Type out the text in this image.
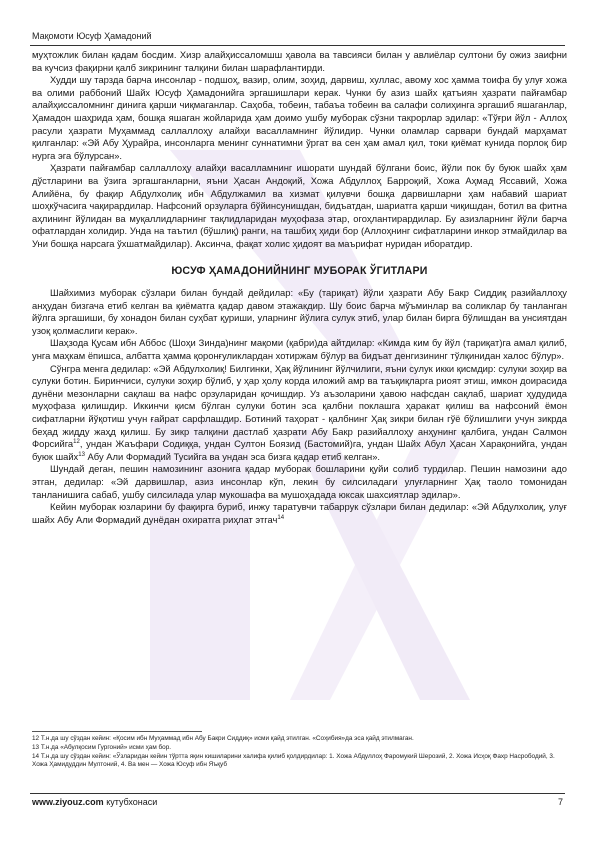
Мақомоти Юсуф Ҳамадоний

муҳтожлик билан қадам босдим. Хизр алайҳиссаломшш ҳавола ва тавсияси билан у авлиёлар султони бу ожиз заифни ва кучсиз фақирни қалб зикрининг талқини билан шарафлантирди.

Худди шу тарзда барча инсонлар - подшоҳ, вазир, олим, зоҳид, дарвиш, хуллас, авому хос ҳамма тоифа бу улуғ хожа ва олими раббоний Шайх Юсуф Ҳамадонийга эргашишлари керак. Чунки бу азиз шайх қатъиян ҳазрати пайғамбар алайҳиссаломнинг динига қарши чиқмаганлар. Саҳоба, тобеин, табаъа тобеин ва салафи солиҳинга эргашиб яшаганлар, Ҳамадон шаҳрида ҳам, бошқа яшаган жойларида ҳам доимо ушбу муборак сўзни такрорлар эдилар: «Тўғри йўл - Аллоҳ расули ҳазрати Муҳаммад саллаллоҳу алайҳи васалламнинг йўлидир. Чунки оламлар сарвари бундай марҳамат қилганлар: «Эй Абу Ҳурайра, инсонларга менинг суннатимни ўргат ва сен ҳам амал қил, токи қиёмат кунида порлоқ бир нурга эга бўлурсан».

Ҳазрати пайғамбар саллаллоҳу алайҳи васалламнинг ишорати шундай бўлгани боис, йўли пок бу буюк шайх ҳам дўстларини ва ўзига эргашганларни, яъни Ҳасан Андоқий, Хожа Абдуллоҳ Барроқий, Хожа Аҳмад Яссавий, Хожа Алийёна, бу фақир Абдулхолиқ ибн Абдулжамил ва хизмат қилувчи бошқа дарвишларни ҳам набавий шариат шоҳкўчасига чақирардилар. Нафсоний орзуларга бўйинсунишдан, бидъатдан, шариатга қарши чиқишдан, ботил ва фитна аҳлининг йўлидан ва муқаллидларнинг тақлидларидан муҳофаза этар, огоҳлантирардилар. Бу азизларнинг йўли барча офатлардан холидир. Унда на таътил (бўшлиқ) ранги, на ташбиҳ ҳиди бор (Аллоҳнинг сифатларини инкор этмайдилар ва Уни бошқа нарсага ўхшатмайдилар). Аксинча, фақат холис ҳидоят ва маърифат нуридан иборатдир.

ЮСУФ ҲАМАДОНИЙНИНГ МУБОРАК ЎГИТЛАРИ

Шайхимиз муборак сўзлари билан бундай дейдилар: «Бу (тариқат) йўли ҳазрати Абу Бакр Сиддиқ разийаллоҳу анҳудан бизгача етиб келган ва қиёматга қадар давом этажакдир. Шу боис барча мўъминлар ва соликлар бу танланган йўлга эргашиши, бу хонадон билан суҳбат қуриши, уларнинг йўлига сулук этиб, улар билан бирга бўлишдан ва унсиятдан узоқ қолмаслиги керак».

Шаҳзода Қусам ибн Аббос (Шоҳи Зинда)нинг мақоми (қабри)да айтдилар: «Кимда ким бу йўл (тариқат)га амал қилиб, унга маҳкам ёпишса, албатта ҳамма қоронғуликлардан хотиржам бўлур ва бидъат денгизининг тўлқинидан халос бўлур».

Сўнгра менга дедилар: «Эй Абдулхолиқ! Билгинки, Ҳақ йўлининг йўлчилиги, яъни сулук икки қисмдир: сулуки зоҳир ва сулуки ботин. Биринчиси, сулуки зоҳир бўлиб, у ҳар ҳолу корда иложий амр ва таъқиқларга риоят этиш, имкон доирасида дунёни мезонларни сақлаш ва нафс орзуларидан қочишдир. Уз аъзоларини ҳавою нафсдан сақлаб, шариат ҳудудида муҳофаза қилишдир. Иккинчи қисм бўлган сулуки ботин эса қалбни поклашга ҳаракат қилиш ва нафсоний ёмон сифатларни йўқотиш учун ғайрат сарфлашдир. Ботиний таҳорат - қалбнинг Ҳақ зикри билан гўё бўлишлиги учун зикрда беҳад жидду жаҳд қилиш. Бу зикр талқини дастлаб ҳазрати Абу Бакр разийаллоҳу анҳунинг қалбига, ундан Салмон Форсийга$^{12}$, ундан Жаъфари Содиққа, ундан Султон Боязид (Бастомий)га, ундан Шайх Абул Ҳасан Харақонийга, ундан буюк шайх$^{13}$ Абу Али Формадий Тусийга ва ундан эса бизга қадар етиб келган».

Шундай деган, пешин намозининг азонига қадар муборак бошларини қуйи солиб турдилар. Пешин намозини адо этган, дедилар: «Эй дарвишлар, азиз инсонлар кўп, лекин бу силсиладаги улуғларнинг Ҳақ таоло томонидан танланишига сабаб, ушбу силсилада улар мукошафа ва мушоҳададa юксак шахсиятлар эдилар».

Кейин муборак юзларини бу фақирга буриб, инжу таратувчи табаррук сўзлари билан дедилар: «Эй Абдулхолиқ, улуғ шайх Абу Али Формадий дунёдан охиратга риҳлат этгач$^{14}$

12 Т.н.да шу сўздан кейин: «Қосим ибн Муҳаммад ибн Абу Бакри Сиддиқ» исми қайд этилган. «Соҳибия»да эса қайд этилмаган.
13 Т.н.да «Абулқосим Гургоний» исми ҳам бор.
14 Т.н.да шу сўздан кейин: «Ўзларидан кейин тўртта яқин кишиларини халифа қилиб қолдирдилар: 1. Хожа Абдуллоҳ Фаромукий Шерозий, 2. Хожа Исҳоқ Фахр Насрободий, 3. Хожа Ҳамидуддин Мултоний, 4. Ва мен — Хожа Юсуф ибн Яъқуб
www.ziyouz.com кутубхонаси	7
